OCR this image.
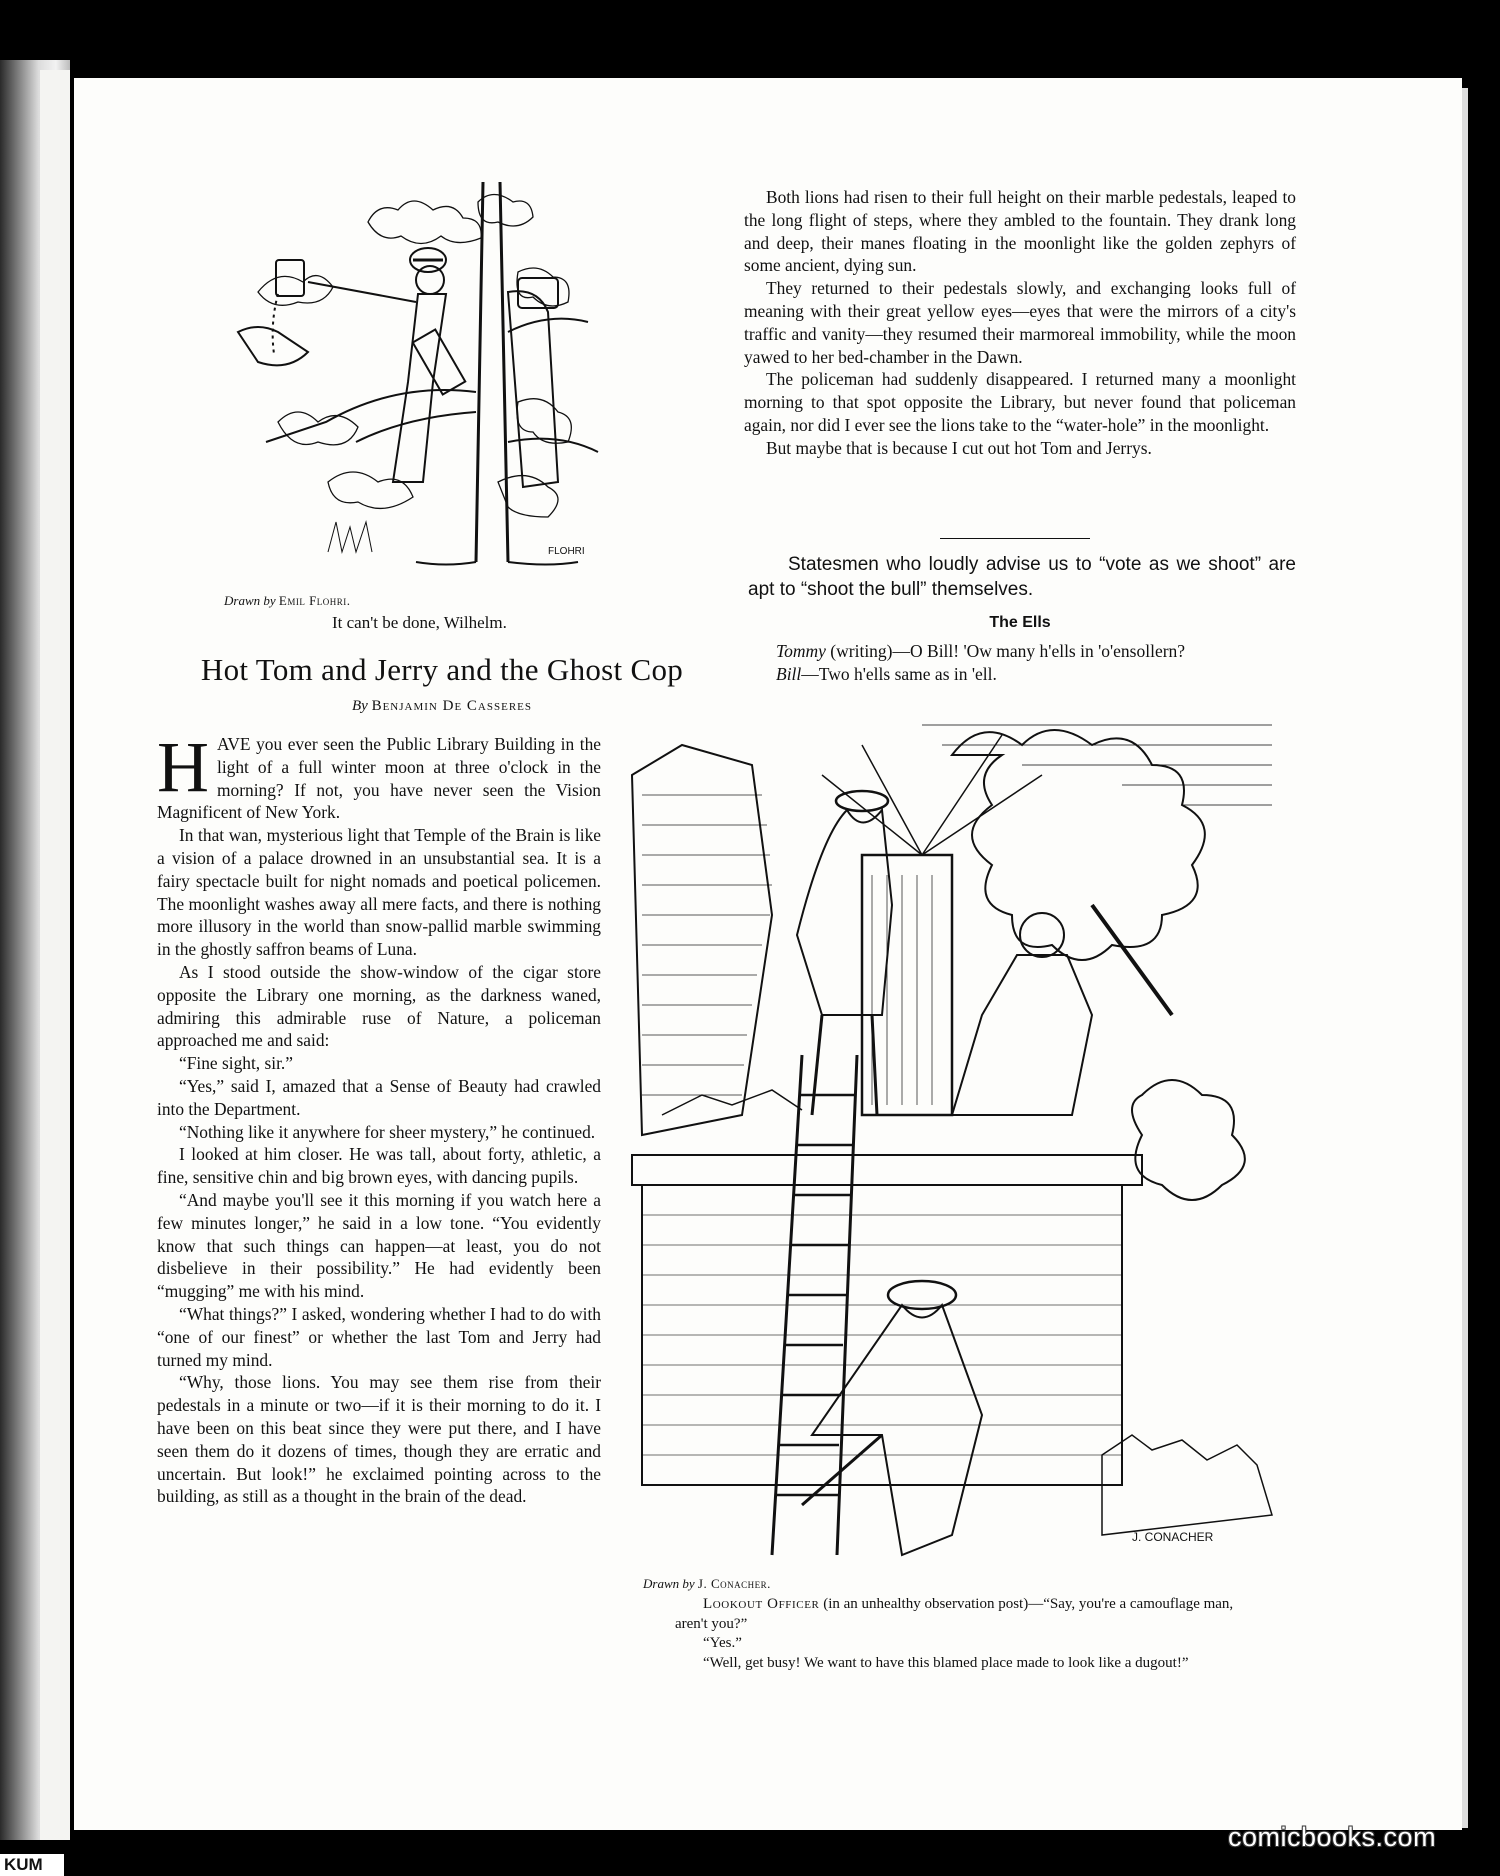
FLOHRI
Drawn by Emil Flohri.
It can't be done, Wilhelm.
Hot Tom and Jerry and the Ghost Cop
By Benjamin De Casseres

HAVE you ever seen the Public Library Building in the light of a full winter moon at three o'clock in the morning? If not, you have never seen the Vision Magnificent of New York.

In that wan, mysterious light that Temple of the Brain is like a vision of a palace drowned in an unsubstantial sea. It is a fairy spectacle built for night nomads and poetical policemen. The moonlight washes away all mere facts, and there is nothing more illusory in the world than snow-pallid marble swimming in the ghostly saffron beams of Luna.

As I stood outside the show-window of the cigar store opposite the Library one morning, as the darkness waned, admiring this admirable ruse of Nature, a policeman approached me and said:

“Fine sight, sir.”

“Yes,” said I, amazed that a Sense of Beauty had crawled into the Department.

“Nothing like it anywhere for sheer mystery,” he continued.

I looked at him closer. He was tall, about forty, athletic, a fine, sensitive chin and big brown eyes, with dancing pupils.

“And maybe you'll see it this morning if you watch here a few minutes longer,” he said in a low tone. “You evidently know that such things can happen—at least, you do not disbelieve in their possibility.” He had evidently been “mugging” me with his mind.

“What things?” I asked, wondering whether I had to do with “one of our finest” or whether the last Tom and Jerry had turned my mind.

“Why, those lions. You may see them rise from their pedestals in a minute or two—if it is their morning to do it. I have been on this beat since they were put there, and I have seen them do it dozens of times, though they are erratic and uncertain. But look!” he exclaimed pointing across to the building, as still as a thought in the brain of the dead.

Both lions had risen to their full height on their marble pedestals, leaped to the long flight of steps, where they ambled to the fountain. They drank long and deep, their manes floating in the moonlight like the golden zephyrs of some ancient, dying sun.

They returned to their pedestals slowly, and exchanging looks full of meaning with their great yellow eyes—eyes that were the mirrors of a city's traffic and vanity—they resumed their marmoreal immobility, while the moon yawed to her bed-chamber in the Dawn.

The policeman had suddenly disappeared. I returned many a moonlight morning to that spot opposite the Library, but never found that policeman again, nor did I ever see the lions take to the “water-hole” in the moonlight.

But maybe that is because I cut out hot Tom and Jerrys.

Statesmen who loudly advise us to “vote as we shoot” are apt to “shoot the bull” themselves.
The Ells

Tommy (writing)—O Bill! 'Ow many h'ells in 'o'ensollern?

Bill—Two h'ells same as in 'ell.

J. CONACHER
Drawn by J. Conacher.

Lookout Officer (in an unhealthy observation post)—“Say, you're a camouflage man, aren't you?”

“Yes.”

“Well, get busy! We want to have this blamed place made to look like a dugout!”

comicbooks.com
KUM
